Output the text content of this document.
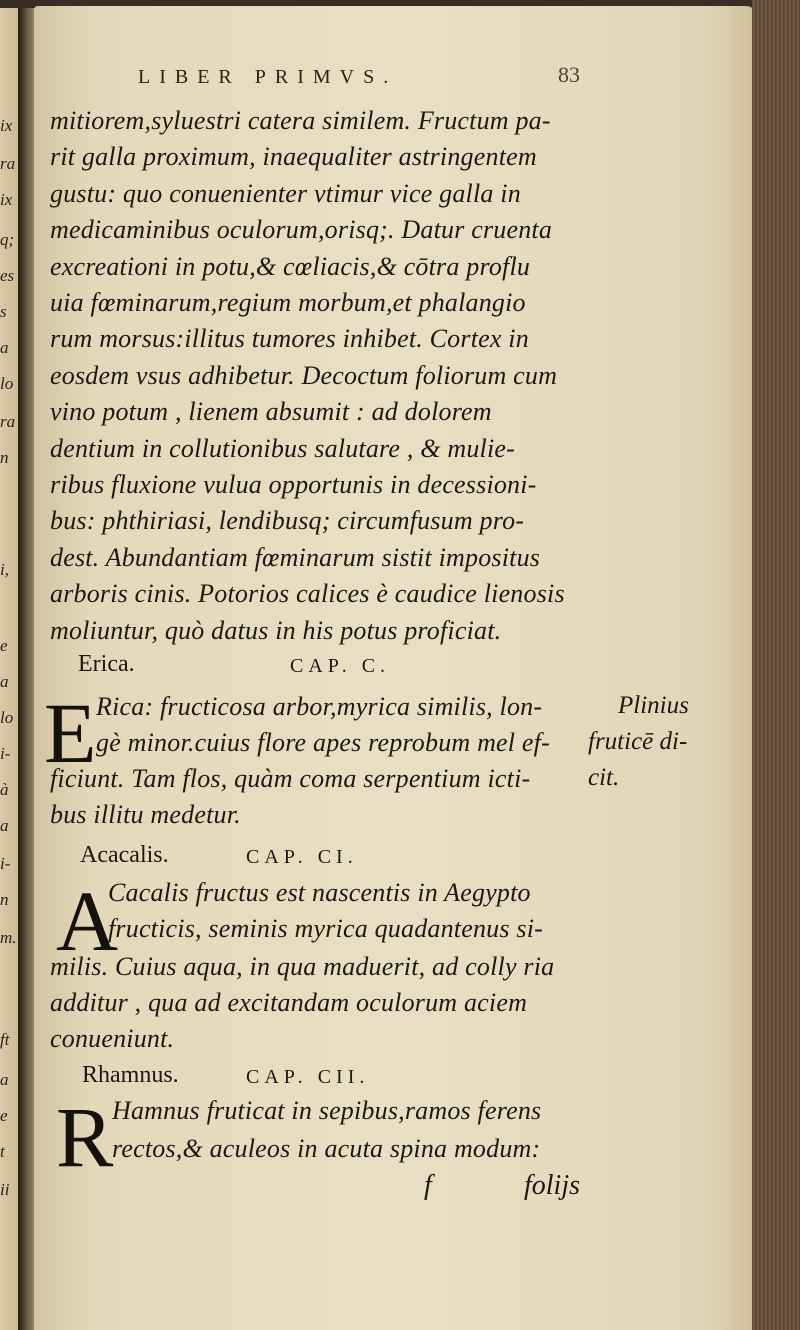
ix
ra
ix
q;
es
s
a
lo
ra
n
i,
e
a
lo
i-
à
a
i-
n
m.
ft
a
e
t
ii
LIBER PRIMVS.	83
mitiorem,syluestri catera similem. Fructum pa-
rit galla proximum, inaequaliter astringentem
gustu: quo conuenienter vtimur vice galla in
medicaminibus oculorum,orisq;. Datur cruenta
excreationi in potu,& cœliacis,& cōtra proflu
uia fœminarum,regium morbum,et phalangio
rum morsus:illitus tumores inhibet. Cortex in
eosdem vsus adhibetur. Decoctum foliorum cum
vino potum , lienem absumit : ad dolorem
dentium in collutionibus salutare , & mulie-
ribus fluxione vulua opportunis in decessioni-
bus: phthiriasi, lendibusq; circumfusum pro-
dest. Abundantiam fœminarum sistit impositus
arboris cinis. Potorios calices è caudice lienosis
moliuntur, quò datus in his potus proficiat.
Erica.	CAP. C.
E Rica: fructicosa arbor,myrica similis, lon-
gè minor.cuius flore apes reprobum mel ef-
ficiunt. Tam flos, quàm coma serpentium icti-
bus illitu medetur.
Plinius
fruticē di-
cit.
Acacalis.	CAP. CI.
A
Cacalis fructus est nascentis in Aegypto
fructicis, seminis myrica quadantenus si-
milis. Cuius aqua, in qua maduerit, ad colly ria
additur , qua ad excitandam oculorum aciem
conueniunt.
Rhamnus.	CAP. CII.
R
Hamnus fruticat in sepibus,ramos ferens
rectos,& aculeos in acuta spina modum:
f	folijs
